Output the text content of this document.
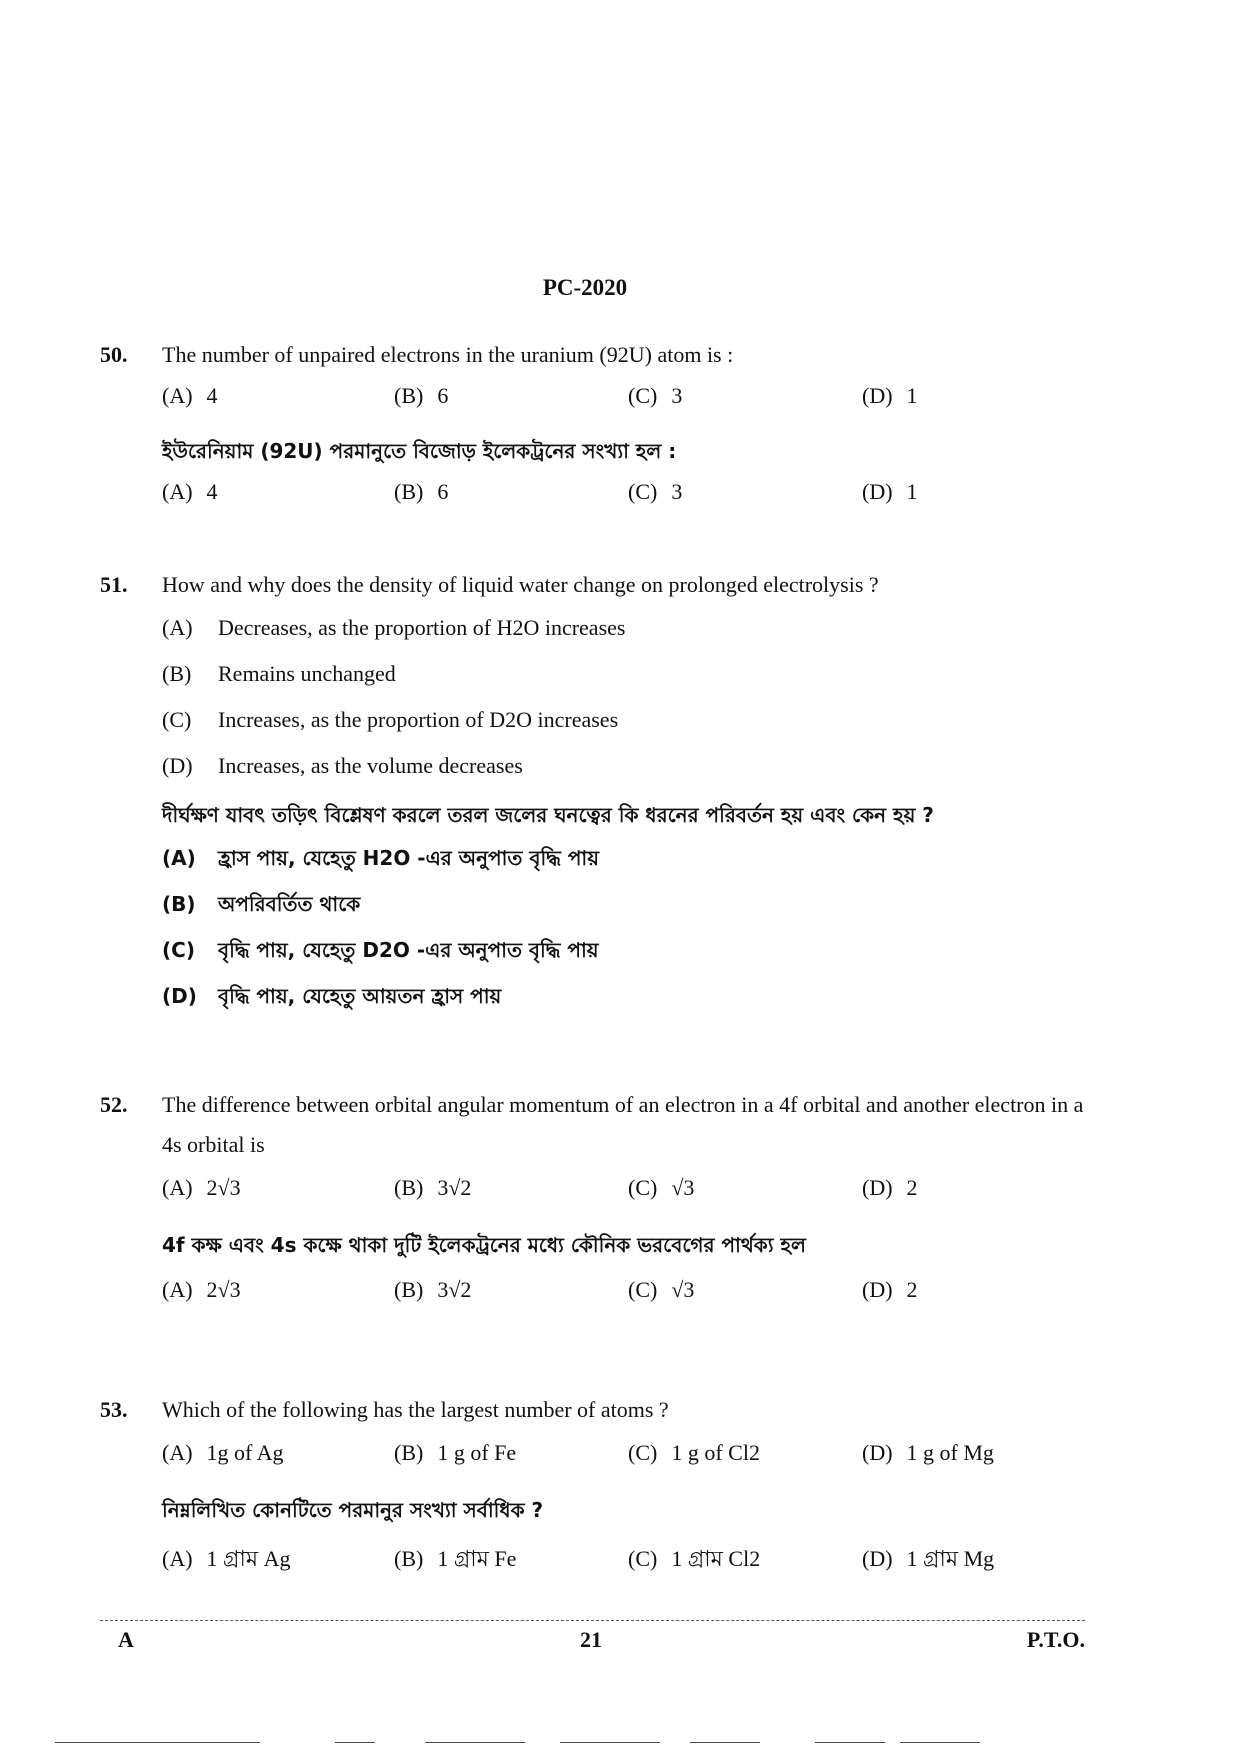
PC-2020
50. The number of unpaired electrons in the uranium (92U) atom is :
(A) 4	(B) 6	(C) 3	(D) 1
ইউরেনিয়াম (92U) পরমানুতে বিজোড় ইলেকট্রনের সংখ্যা হল :
(A) 4	(B) 6	(C) 3	(D) 1
51. How and why does the density of liquid water change on prolonged electrolysis ?
(A) Decreases, as the proportion of H2O increases
(B) Remains unchanged
(C) Increases, as the proportion of D2O increases
(D) Increases, as the volume decreases
দীর্ঘক্ষণ যাবৎ তড়িৎ বিশ্লেষণ করলে তরল জলের ঘনত্বের কি ধরনের পরিবর্তন হয় এবং কেন হয় ?
(A) হ্রাস পায়, যেহেতু H2O -এর অনুপাত বৃদ্ধি পায়
(B) অপরিবর্তিত থাকে
(C) বৃদ্ধি পায়, যেহেতু D2O -এর অনুপাত বৃদ্ধি পায়
(D) বৃদ্ধি পায়, যেহেতু আয়তন হ্রাস পায়
52. The difference between orbital angular momentum of an electron in a 4f orbital and another electron in a 4s orbital is
(A) 2√3	(B) 3√2	(C) √3	(D) 2
4f কক্ষ এবং 4s কক্ষে থাকা দুটি ইলেকট্রনের মধ্যে কৌনিক ভরবেগের পার্থক্য হল
(A) 2√3	(B) 3√2	(C) √3	(D) 2
53. Which of the following has the largest number of atoms ?
(A) 1g of Ag	(B) 1 g of Fe	(C) 1 g of Cl2	(D) 1 g of Mg
নিম্নলিখিত কোনটিতে পরমানুর সংখ্যা সর্বাধিক ?
(A) 1 গ্রাম Ag	(B) 1 গ্রাম Fe	(C) 1 গ্রাম Cl2	(D) 1 গ্রাম Mg
A	21	P.T.O.
